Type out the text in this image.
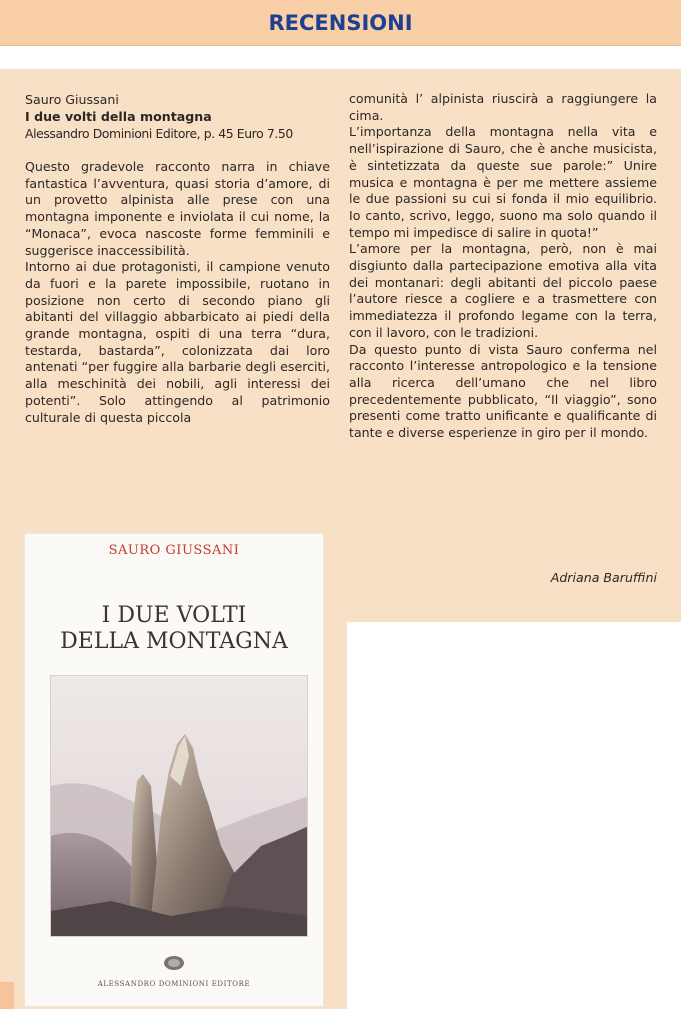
RECENSIONI
Sauro Giussani
I due volti della montagna
Alessandro Dominioni Editore, p. 45 Euro 7.50

Questo gradevole racconto narra in chiave fantastica l’avventura, quasi storia d’amore, di un provetto alpinista alle prese con una montagna imponente e inviolata il cui nome, la “Monaca”, evoca nascoste forme femminili e suggerisce inaccessibilità.

Intorno ai due protagonisti, il campione venuto da fuori e la parete impossibile, ruotano in posizione non certo di secondo piano gli abitanti del villaggio abbarbicato ai piedi della grande montagna, ospiti di una terra “dura, testarda, bastarda”, colonizzata dai loro antenati “per fuggire alla barbarie degli eserciti, alla meschinità dei nobili, agli interessi dei potenti”. Solo attingendo al patrimonio culturale di questa piccola

comunità l’ alpinista riuscirà a raggiungere la cima.

L’importanza della montagna nella vita e nell’ispirazione di Sauro, che è anche musicista, è sintetizzata da queste sue parole:” Unire musica e montagna è per me mettere assieme le due passioni su cui si fonda il mio equilibrio. Io canto, scrivo, leggo, suono ma solo quando il tempo mi impedisce di salire in quota!”

L’amore per la montagna, però, non è mai disgiunto dalla partecipazione emotiva alla vita dei montanari: degli abitanti del piccolo paese l’autore riesce a cogliere e a trasmettere con immediatezza il profondo legame con la terra, con il lavoro, con le tradizioni.

Da questo punto di vista Sauro conferma nel racconto l’interesse antropologico e la tensione alla ricerca dell’umano che nel libro precedentemente pubblicato, “Il viaggio”, sono presenti come tratto unificante e qualificante di tante e diverse esperienze in giro per il mondo.

Adriana Baruffini
SAURO GIUSSANI
I DUE VOLTI
DELLA MONTAGNA
ALESSANDRO DOMINIONI EDITORE
